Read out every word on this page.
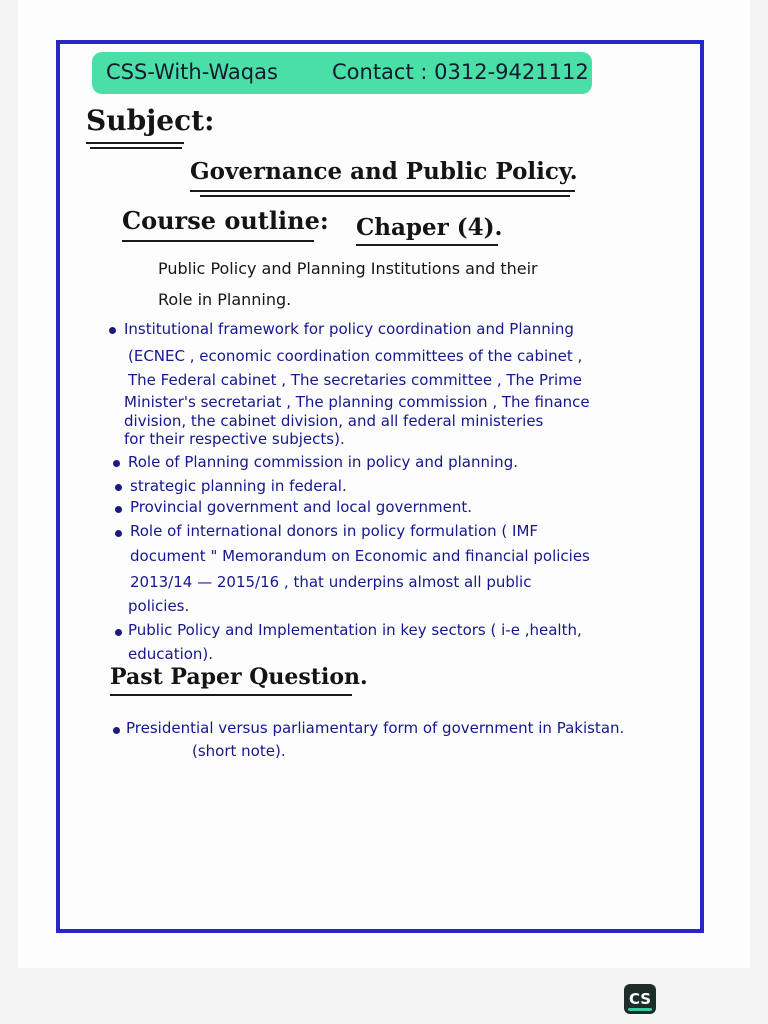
CSS-With-Waqas	Contact : 0312-9421112
Subject:
Governance and Public Policy.
Course outline: Chaper (4).
Public Policy and Planning Institutions and their
Role in Planning.
Institutional framework for policy coordination and Planning
(ECNEC , economic coordination committees of the cabinet ,
The Federal cabinet , The secretaries committee , The Prime
Minister's secretariat , The planning commission , The finance
division, the cabinet division, and all federal ministeries
for their respective subjects).
Role of Planning commission in policy and planning.
strategic planning in federal.
Provincial government and local government.
Role of international donors in policy formulation ( IMF
document " Memorandum on Economic and financial policies
2013/14 — 2015/16 , that underpins almost all public
policies.
Public Policy and Implementation in key sectors ( i-e ,health,
education).
Past Paper Question.
Presidential versus parliamentary form of government in Pakistan.
(short note).
CS
